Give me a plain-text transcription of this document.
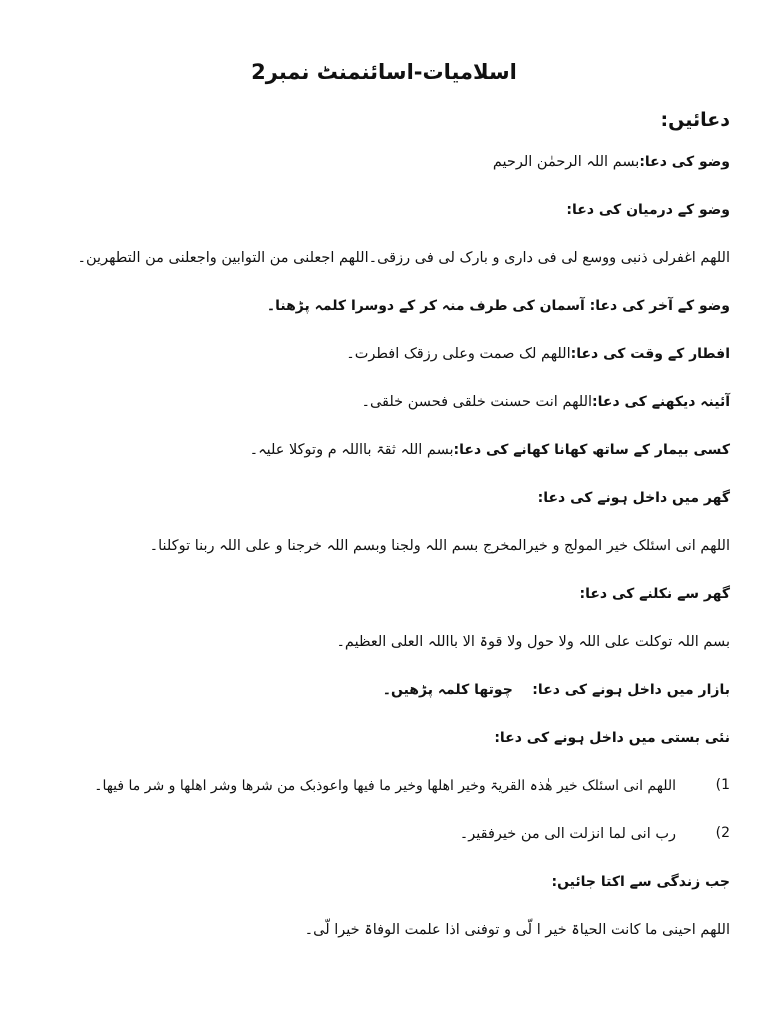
اسلامیات-اسائنمنٹ نمبر2
دعائیں:
وضو کی دعا:بسم اللہ الرحمٰن الرحیم
وضو کے درمیان کی دعا:
اللھم اغفرلی ذنبی ووسع لی فی داری و بارک لی فی رزقی۔اللھم اجعلنی من التوابین واجعلنی من التطھرین۔
وضو کے آخر کی دعا: آسمان کی طرف منہ کر کے دوسرا کلمہ پڑھنا۔
افطار کے وقت کی دعا:اللھم لک صمت وعلی رزقک افطرت۔
آئینہ دیکھنے کی دعا:اللھم انت حسنت خلقی فحسن خلقی۔
کسی بیمار کے ساتھ کھانا کھانے کی دعا:بسم اللہ ثقۃ بااللہ م وتوکلا علیہ۔
گھر میں داخل ہونے کی دعا:
اللھم انی اسئلک خیر المولج و خیرالمخرج بسم اللہ ولجنا وبسم اللہ خرجنا و علی اللہ ربنا توکلنا۔
گھر سے نکلنے کی دعا:
بسم اللہ توکلت علی اللہ ولا حول ولا قوۃ الا بااللہ العلی العظیم۔
بازار میں داخل ہونے کی دعا:    چوتھا کلمہ پڑھیں۔
نئی بستی میں داخل ہونے کی دعا:
(1
اللھم انی اسئلک خیر ھٰذہ القریۃ وخیر اھلھا وخیر ما فیھا واعوذبک من شرھا وشر اھلھا و شر ما فیھا۔
(2
رب انی لما انزلت الی من خیرفقیر۔
جب زندگی سے اکتا جائیں:
اللھم احینی ما کانت الحیاۃ خیر ا لّی و توفنی اذا علمت الوفاۃ خیرا لّی۔
